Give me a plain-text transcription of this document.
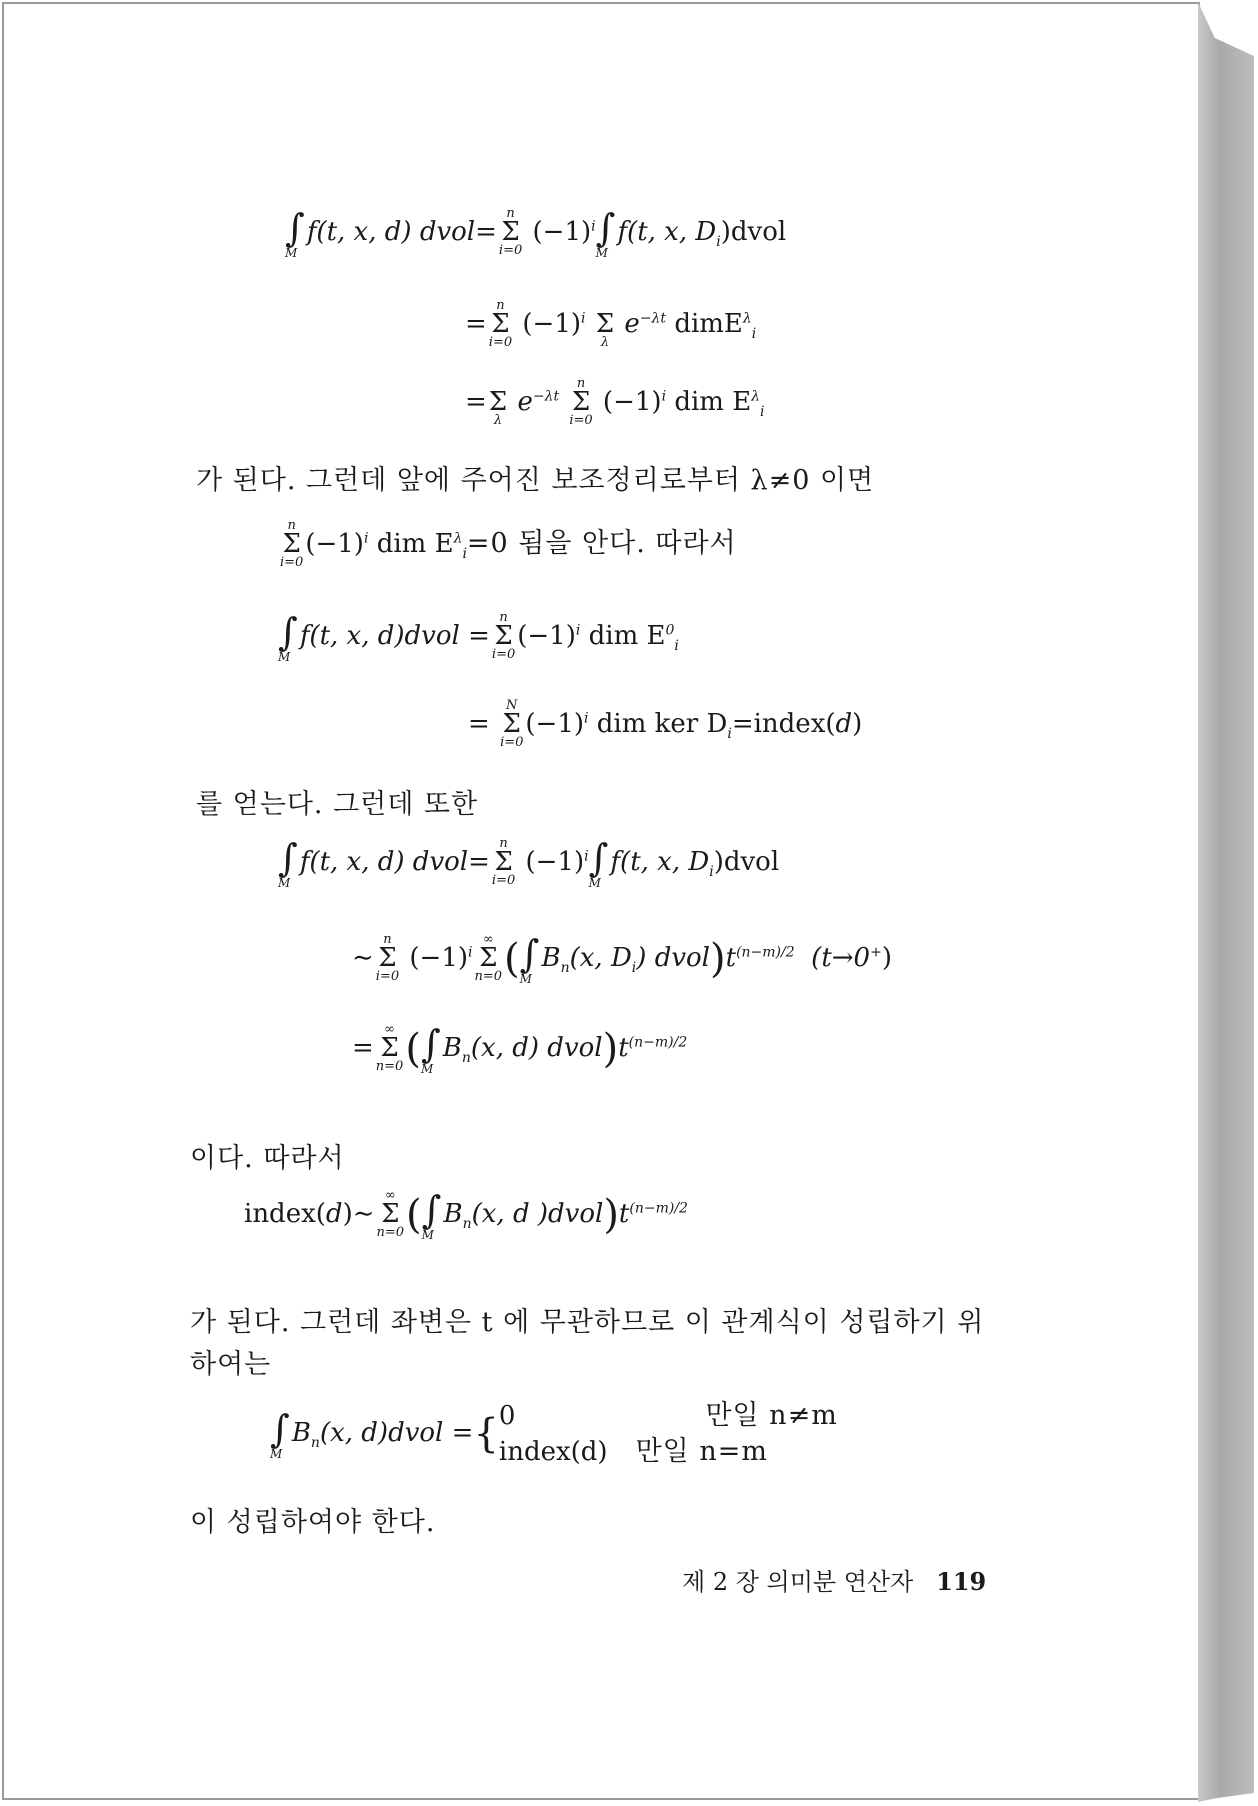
∫
M
f(t, x, d) dvol=
n
Σ
i=0
$(-1)^i$ ∫
M
f(t, x, $D_i)dvol$
=
n
Σ
i=0
$(-1)^i$
Σ
λ
$e^{-\lambda t}$ dimE$^\lambda_i$
=
Σ
λ
$e^{-\lambda t}$
n
Σ
i=0
$(-1)^i$ dim $E^\lambda_i$
가 된다. 그런데 앞에 주어진 보조정리로부터 λ≠0 이면
n
Σ
i=0
$(-1)^i$ dim $E^\lambda_i=0$ 됨을 안다. 따라서
∫
M
f(t, x, d)dvol =
n
Σ
i=0
$(-1)^i$ dim $E^0_i$
=
N
Σ
i=0
$(-1)^i$ dim ker $D_i=index(d)$
를 얻는다. 그런데 또한
∫
M
f(t, x, d) dvol=
n
Σ
i=0
$(-1)^i$ ∫
M
f(t, x, $D_i)dvol$
∼
n
Σ
i=0
$(-1)^i$
∞
Σ
n=0 ( ∫
M
$B_n(x$, $D_i$) $dvol)t^{(n-m)/2}$ (t→0+)
=
∞
Σ
n=0 ( ∫
M
$B_n(x$, d) $dvol)t^{(n-m)/2}$
이다. 따라서
index(d)∼
∞
Σ
n=0 ( ∫
M
$B_n(x$, d )$dvol)t^{(n-m)/2}$
가 된다. 그런데 좌변은 t 에 무관하므로 이 관계식이 성립하기 위
하여는
∫
M
$B_n(x$, d)dvol ={ 0	만일 n≠m
index(d) 만일 n=m
이 성립하여야 한다.
제 2 장 의미분 연산자 119
